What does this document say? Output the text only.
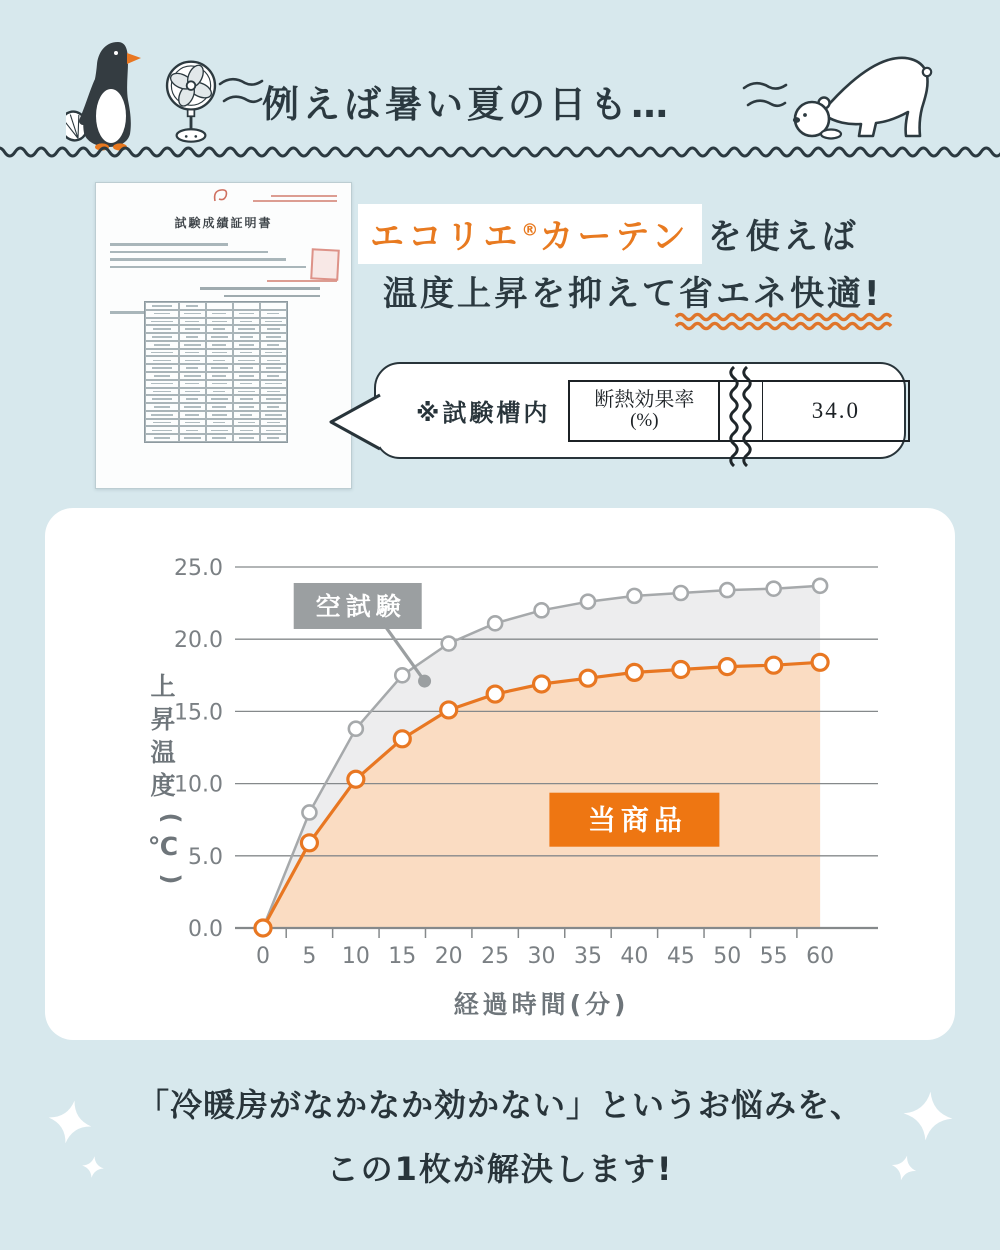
例えば暑い夏の日も…
試験成績証明書	エコリエ®カーテン を使えば
温度上昇を抑えて省エネ快適!
※試験槽内 断熱効果率
(%)	34.0
0.0
5.0
10.0
15.0
20.0
25.0
0 5 10 15 20 25 30 35 40 45 50 55 60
経過時間(分)
上
昇
温
度
(
℃
)
空試験
当商品
「冷暖房がなかなか効かない」というお悩みを、
この1枚が解決します!
